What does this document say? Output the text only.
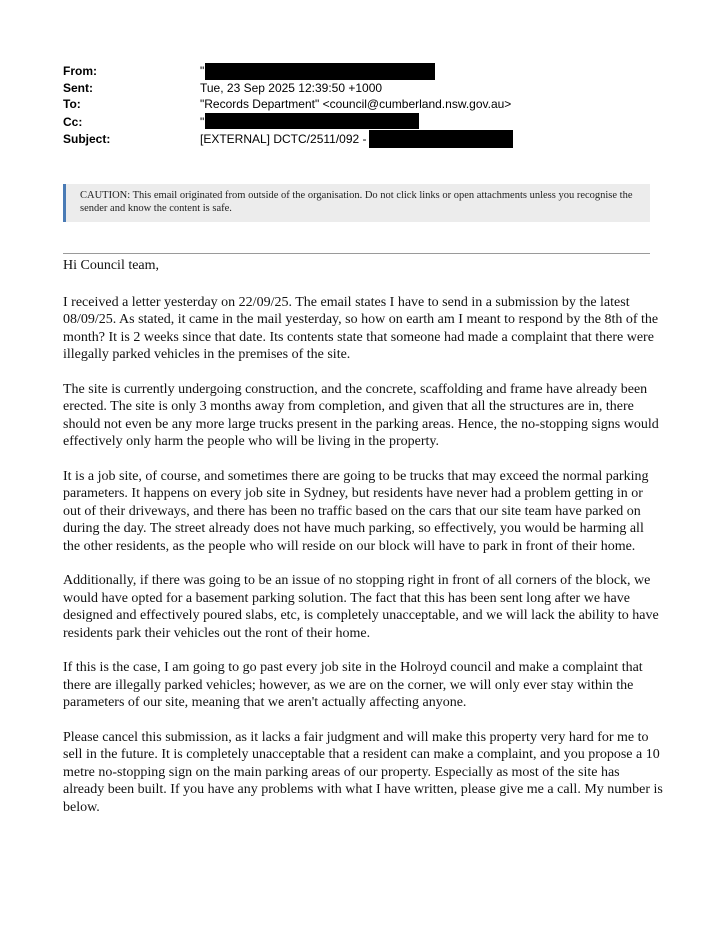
From:	"
Sent:	Tue, 23 Sep 2025 12:39:50 +1000
To:	"Records Department" <council@cumberland.nsw.gov.au>
Cc:	"
Subject:	[EXTERNAL] DCTC/2511/092 -
CAUTION: This email originated from outside of the organisation. Do not click links or open attachments unless you recognise the sender and know the content is safe.

Hi Council team,

I received a letter yesterday on 22/09/25. The email states I have to send in a submission by the latest 08/09/25. As stated, it came in the mail yesterday, so how on earth am I meant to respond by the 8th of the month? It is 2 weeks since that date. Its contents state that someone had made a complaint that there were illegally parked vehicles in the premises of the site.

The site is currently undergoing construction, and the concrete, scaffolding and frame have already been erected. The site is only 3 months away from completion, and given that all the structures are in, there should not even be any more large trucks present in the parking areas. Hence, the no-stopping signs would effectively only harm the people who will be living in the property.

It is a job site, of course, and sometimes there are going to be trucks that may exceed the normal parking parameters. It happens on every job site in Sydney, but residents have never had a problem getting in or out of their driveways, and there has been no traffic based on the cars that our site team have parked on during the day. The street already does not have much parking, so effectively, you would be harming all the other residents, as the people who will reside on our block will have to park in front of their home.

Additionally, if there was going to be an issue of no stopping right in front of all corners of the block, we would have opted for a basement parking solution. The fact that this has been sent long after we have designed and effectively poured slabs, etc, is completely unacceptable, and we will lack the ability to have residents park their vehicles out the ront of their home.

If this is the case, I am going to go past every job site in the Holroyd council and make a complaint that there are illegally parked vehicles; however, as we are on the corner, we will only ever stay within the parameters of our site, meaning that we aren't actually affecting anyone.

Please cancel this submission, as it lacks a fair judgment and will make this property very hard for me to sell in the future. It is completely unacceptable that a resident can make a complaint, and you propose a 10 metre no-stopping sign on the main parking areas of our property. Especially as most of the site has already been built. If you have any problems with what I have written, please give me a call. My number is below.
